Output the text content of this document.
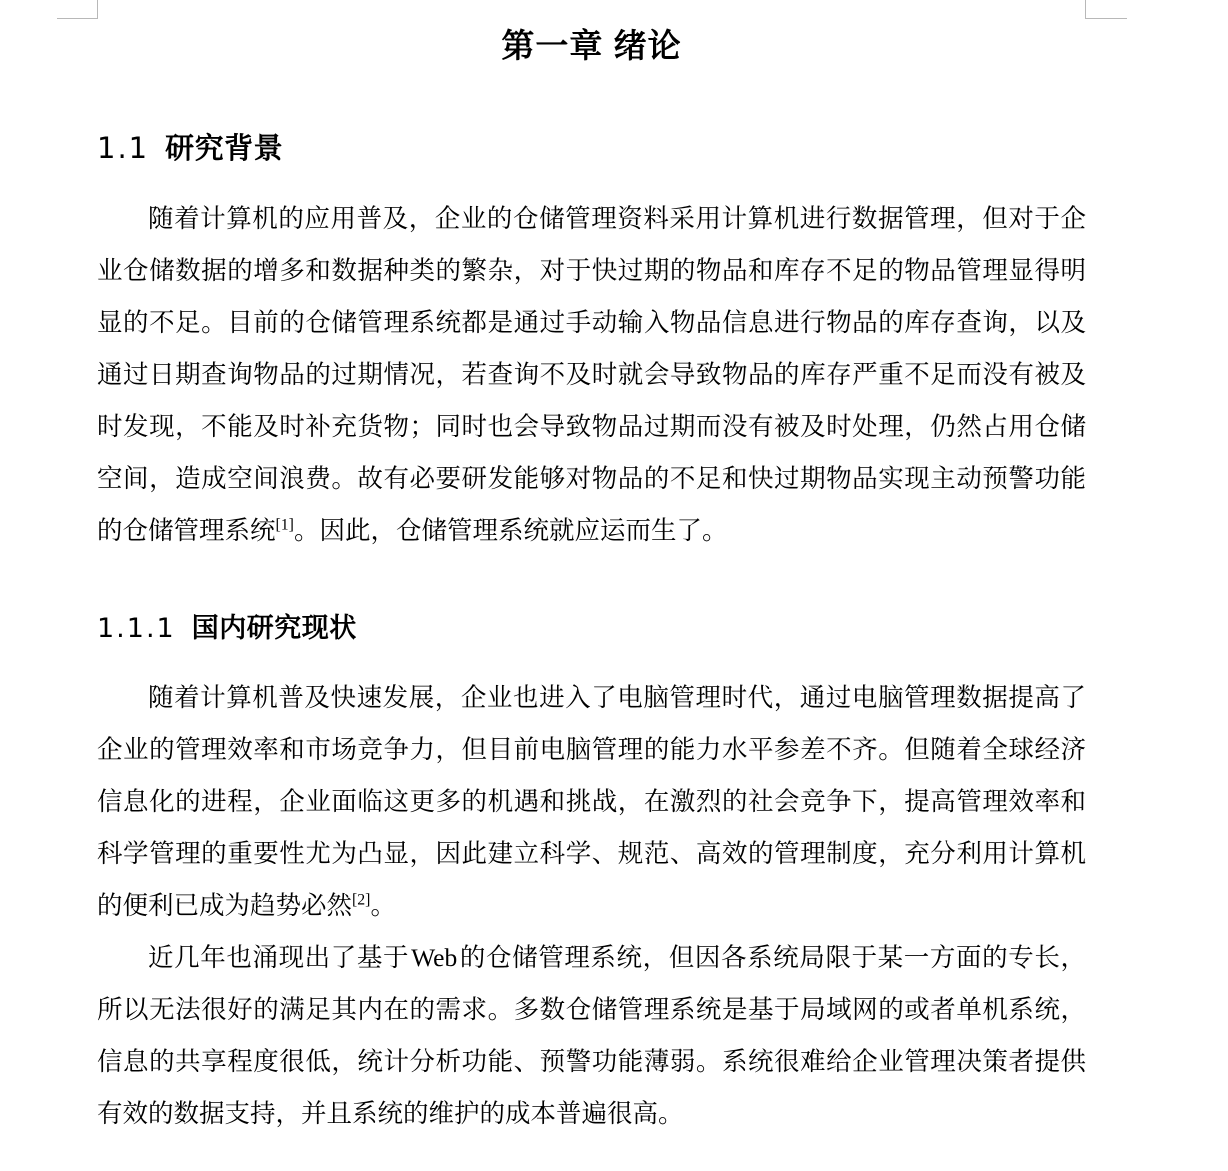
第一章 绪论
1.1 研究背景

随着计算机的应用普及，企业的仓储管理资料采用计算机进行数据管理，但对于企业仓储数据的增多和数据种类的繁杂，对于快过期的物品和库存不足的物品管理显得明显的不足。目前的仓储管理系统都是通过手动输入物品信息进行物品的库存查询，以及通过日期查询物品的过期情况，若查询不及时就会导致物品的库存严重不足而没有被及时发现，不能及时补充货物；同时也会导致物品过期而没有被及时处理，仍然占用仓储空间，造成空间浪费。故有必要研发能够对物品的不足和快过期物品实现主动预警功能的仓储管理系统[1]。因此，仓储管理系统就应运而生了。

1.1.1 国内研究现状

随着计算机普及快速发展，企业也进入了电脑管理时代，通过电脑管理数据提高了企业的管理效率和市场竞争力，但目前电脑管理的能力水平参差不齐。但随着全球经济信息化的进程，企业面临这更多的机遇和挑战，在激烈的社会竞争下，提高管理效率和科学管理的重要性尤为凸显，因此建立科学、规范、高效的管理制度，充分利用计算机的便利已成为趋势必然[2]。

近几年也涌现出了基于Web的仓储管理系统，但因各系统局限于某一方面的专长，所以无法很好的满足其内在的需求。多数仓储管理系统是基于局域网的或者单机系统，信息的共享程度很低，统计分析功能、预警功能薄弱。系统很难给企业管理决策者提供有效的数据支持，并且系统的维护的成本普遍很高。
